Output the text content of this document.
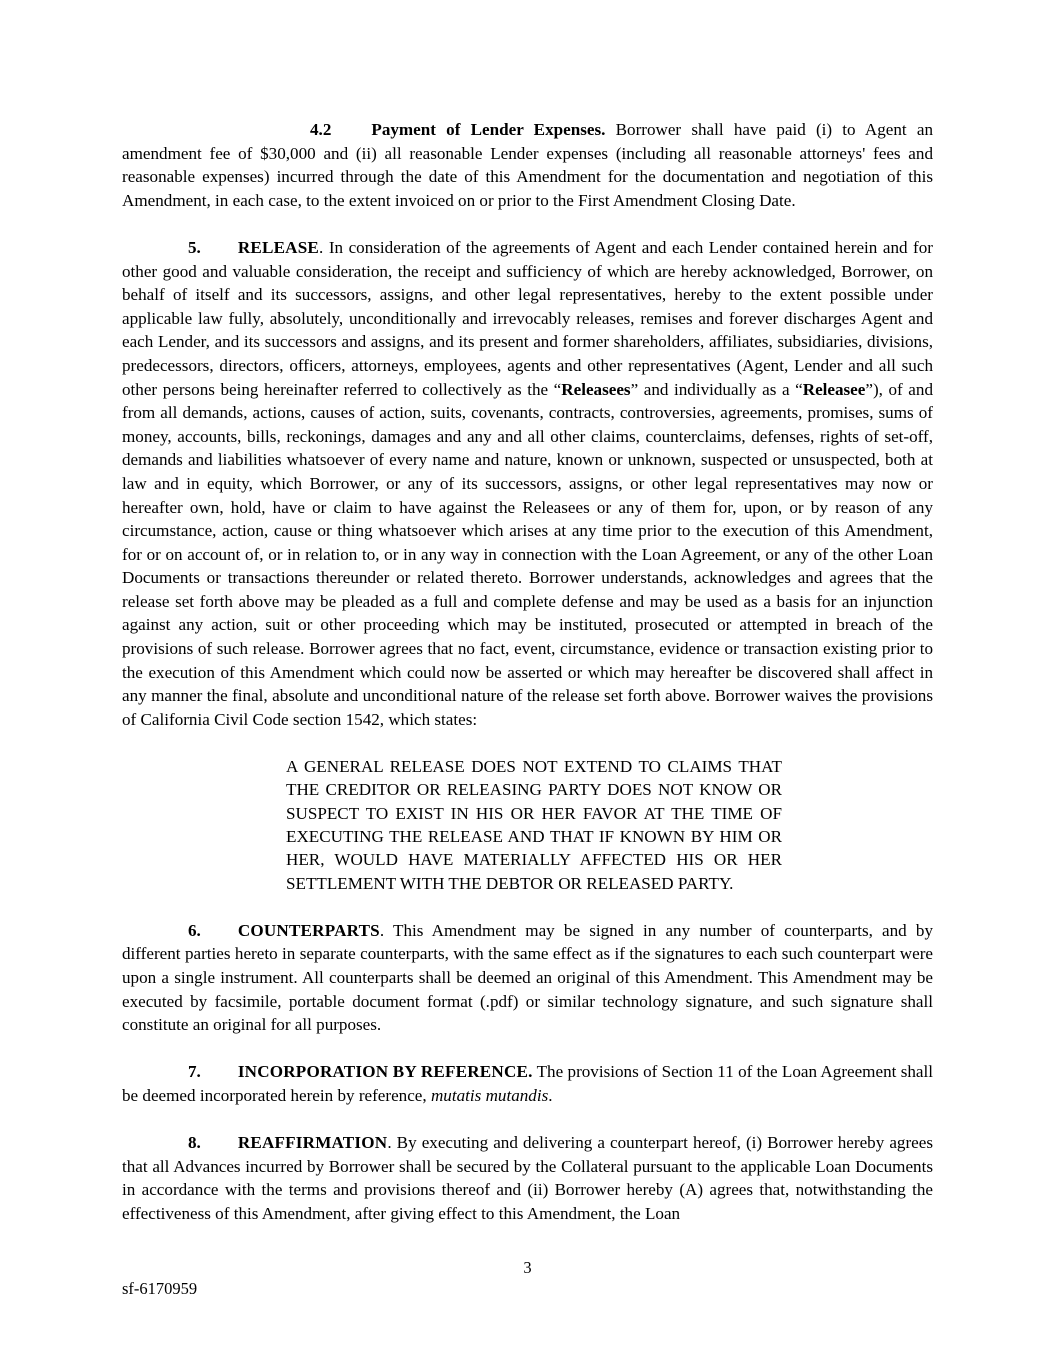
4.2 Payment of Lender Expenses. Borrower shall have paid (i) to Agent an amendment fee of $30,000 and (ii) all reasonable Lender expenses (including all reasonable attorneys' fees and reasonable expenses) incurred through the date of this Amendment for the documentation and negotiation of this Amendment, in each case, to the extent invoiced on or prior to the First Amendment Closing Date.

5. RELEASE. In consideration of the agreements of Agent and each Lender contained herein and for other good and valuable consideration, the receipt and sufficiency of which are hereby acknowledged, Borrower, on behalf of itself and its successors, assigns, and other legal representatives, hereby to the extent possible under applicable law fully, absolutely, unconditionally and irrevocably releases, remises and forever discharges Agent and each Lender, and its successors and assigns, and its present and former shareholders, affiliates, subsidiaries, divisions, predecessors, directors, officers, attorneys, employees, agents and other representatives (Agent, Lender and all such other persons being hereinafter referred to collectively as the “Releasees” and individually as a “Releasee”), of and from all demands, actions, causes of action, suits, covenants, contracts, controversies, agreements, promises, sums of money, accounts, bills, reckonings, damages and any and all other claims, counterclaims, defenses, rights of set-off, demands and liabilities whatsoever of every name and nature, known or unknown, suspected or unsuspected, both at law and in equity, which Borrower, or any of its successors, assigns, or other legal representatives may now or hereafter own, hold, have or claim to have against the Releasees or any of them for, upon, or by reason of any circumstance, action, cause or thing whatsoever which arises at any time prior to the execution of this Amendment, for or on account of, or in relation to, or in any way in connection with the Loan Agreement, or any of the other Loan Documents or transactions thereunder or related thereto. Borrower understands, acknowledges and agrees that the release set forth above may be pleaded as a full and complete defense and may be used as a basis for an injunction against any action, suit or other proceeding which may be instituted, prosecuted or attempted in breach of the provisions of such release. Borrower agrees that no fact, event, circumstance, evidence or transaction existing prior to the execution of this Amendment which could now be asserted or which may hereafter be discovered shall affect in any manner the final, absolute and unconditional nature of the release set forth above. Borrower waives the provisions of California Civil Code section 1542, which states:

A GENERAL RELEASE DOES NOT EXTEND TO CLAIMS THAT THE CREDITOR OR RELEASING PARTY DOES NOT KNOW OR SUSPECT TO EXIST IN HIS OR HER FAVOR AT THE TIME OF EXECUTING THE RELEASE AND THAT IF KNOWN BY HIM OR HER, WOULD HAVE MATERIALLY AFFECTED HIS OR HER SETTLEMENT WITH THE DEBTOR OR RELEASED PARTY.

6. COUNTERPARTS. This Amendment may be signed in any number of counterparts, and by different parties hereto in separate counterparts, with the same effect as if the signatures to each such counterpart were upon a single instrument. All counterparts shall be deemed an original of this Amendment. This Amendment may be executed by facsimile, portable document format (.pdf) or similar technology signature, and such signature shall constitute an original for all purposes.

7. INCORPORATION BY REFERENCE. The provisions of Section 11 of the Loan Agreement shall be deemed incorporated herein by reference, mutatis mutandis.

8. REAFFIRMATION. By executing and delivering a counterpart hereof, (i) Borrower hereby agrees that all Advances incurred by Borrower shall be secured by the Collateral pursuant to the applicable Loan Documents in accordance with the terms and provisions thereof and (ii) Borrower hereby (A) agrees that, notwithstanding the effectiveness of this Amendment, after giving effect to this Amendment, the Loan

3
sf-6170959
